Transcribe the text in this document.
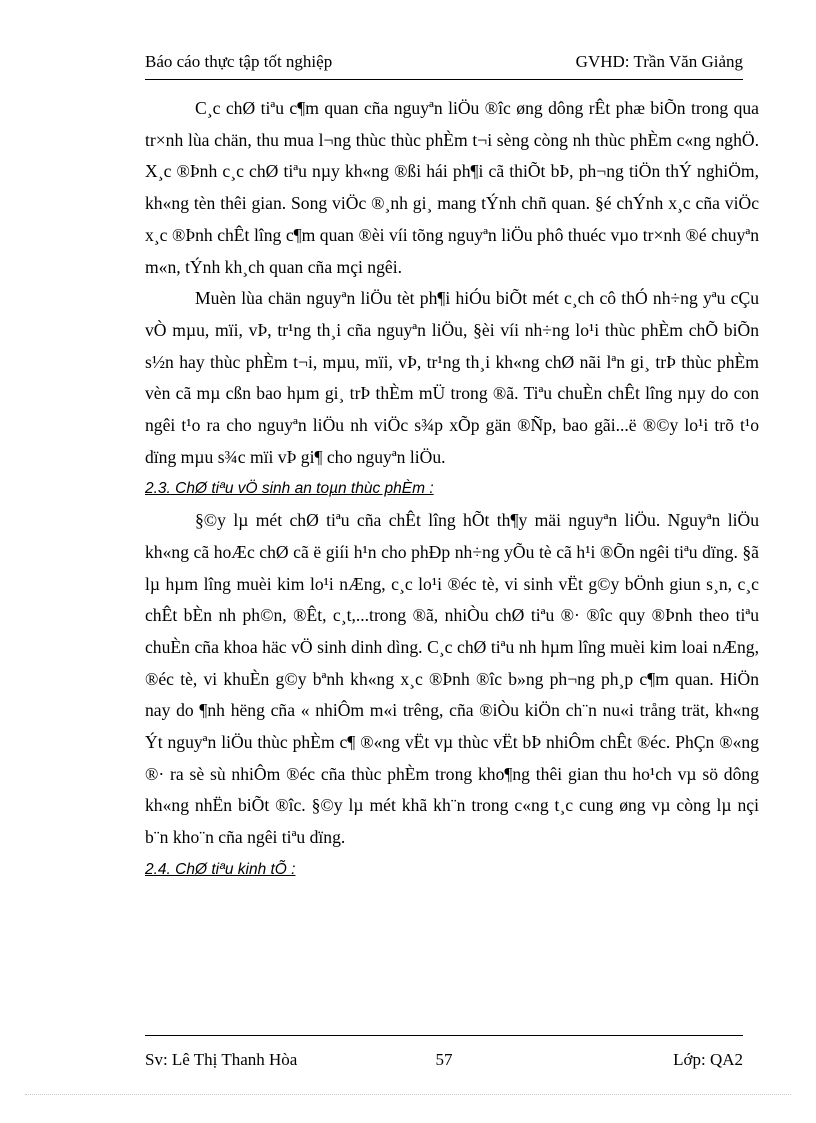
Báo cáo thực tập tốt nghiệp	GVHD: Trần Văn Giảng

C¸c chØ tiªu c¶m quan cña nguyªn liÖu ®îc øng dông rÊt phæ biÕn trong qua tr×nh lùa chän, thu mua l¬ng thùc thùc phÈm t¬i sèng còng nh thùc phÈm c«ng nghÖ. X¸c ®Þnh c¸c chØ tiªu nµy kh«ng ®ßi hái ph¶i cã thiÕt bÞ, ph¬ng tiÖn thÝ nghiÖm, kh«ng tèn thêi gian. Song viÖc ®¸nh gi¸ mang tÝnh chñ quan. §é chÝnh x¸c cña viÖc x¸c ®Þnh chÊt lîng c¶m quan ®èi víi tõng nguyªn liÖu phô thuéc vµo tr×nh ®é chuyªn m«n, tÝnh kh¸ch quan cña mçi ngêi.

Muèn lùa chän nguyªn liÖu tèt ph¶i hiÓu biÕt mét c¸ch cô thÓ nh÷ng yªu cÇu vÒ mµu, mïi, vÞ, tr¹ng th¸i cña nguyªn liÖu, §èi víi nh÷ng lo¹i thùc phÈm chÕ biÕn s½n hay thùc phÈm t¬i, mµu, mïi, vÞ, tr¹ng th¸i kh«ng chØ nãi lªn gi¸ trÞ thùc phÈm vèn cã mµ cßn bao hµm gi¸ trÞ thÈm mÜ trong ®ã. Tiªu chuÈn chÊt lîng nµy do con ngêi t¹o ra cho nguyªn liÖu nh viÖc s¾p xÕp gän ®Ñp, bao gãi...ë ®©y lo¹i trõ t¹o dïng mµu s¾c mïi vÞ gi¶ cho nguyªn liÖu.

2.3. ChØ tiªu vÖ sinh an toµn thùc phÈm :

§©y lµ mét chØ tiªu cña chÊt lîng hÕt th¶y mäi nguyªn liÖu. Nguyªn liÖu kh«ng cã hoÆc chØ cã ë giíi h¹n cho phÐp nh÷ng yÕu tè cã h¹i ®Õn ngêi tiªu dïng. §ã lµ hµm lîng muèi kim lo¹i nÆng, c¸c lo¹i ®éc tè, vi sinh vËt g©y bÖnh giun s¸n, c¸c chÊt bÈn nh ph©n, ®Êt, c¸t,...trong ®ã, nhiÒu chØ tiªu ®· ®îc quy ®Þnh theo tiªu chuÈn cña khoa häc vÖ sinh dinh dìng. C¸c chØ tiªu nh hµm lîng muèi kim loai nÆng, ®éc tè, vi khuÈn g©y bªnh kh«ng x¸c ®Þnh ®îc b»ng ph¬ng ph¸p c¶m quan. HiÖn nay do ¶nh hëng cña « nhiÔm m«i trêng, cña ®iÒu kiÖn ch¨n nu«i trång trät, kh«ng Ýt nguyªn liÖu thùc phÈm c¶ ®«ng vËt vµ thùc vËt bÞ nhiÔm chÊt ®éc. PhÇn ®«ng ®· ra sè sù nhiÔm ®éc cña thùc phÈm trong kho¶ng thêi gian thu ho¹ch vµ sö dông kh«ng nhËn biÕt ®îc. §©y lµ mét khã kh¨n trong c«ng t¸c cung øng vµ còng lµ nçi b¨n kho¨n cña ngêi tiªu dïng.

2.4. ChØ tiªu kinh tÕ :

Sv: Lê Thị Thanh Hòa	57	Lớp: QA2
